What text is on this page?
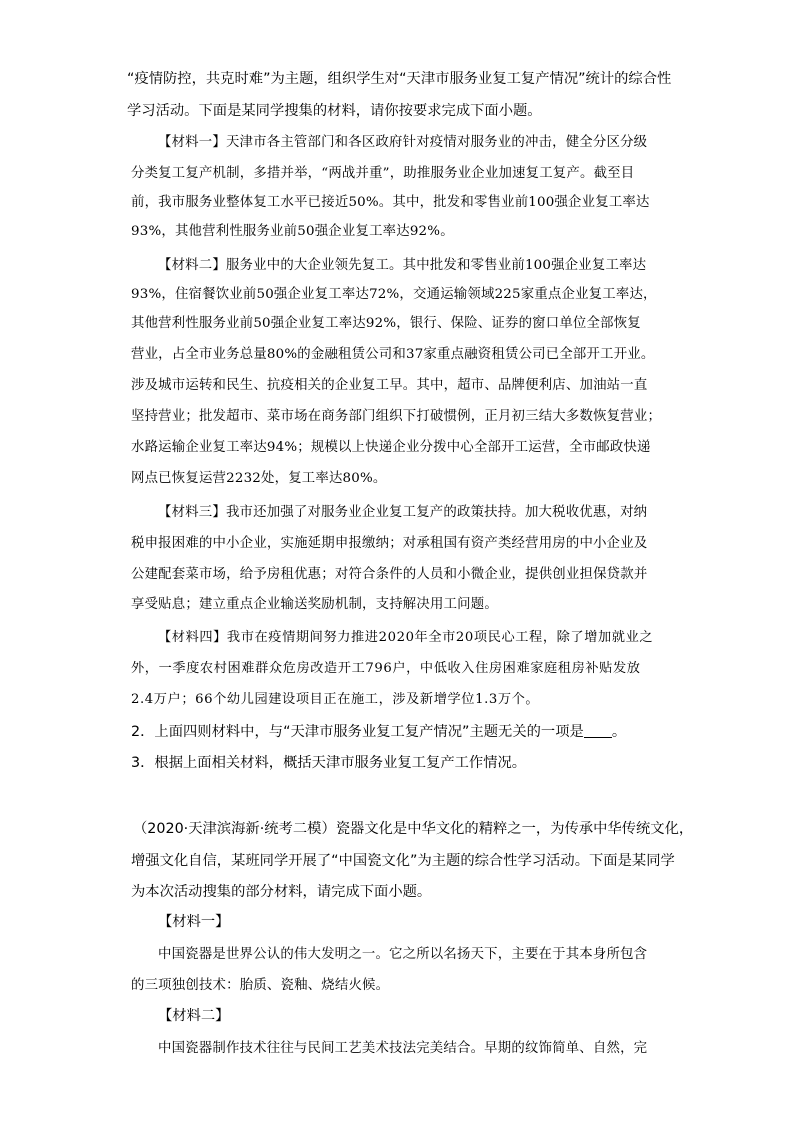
“疫情防控，共克时难”为主题，组织学生对“天津市服务业复工复产情况”统计的综合性
学习活动。下面是某同学搜集的材料，请你按要求完成下面小题。
【材料一】天津市各主管部门和各区政府针对疫情对服务业的冲击，健全分区分级
分类复工复产机制，多措并举，“两战并重”，助推服务业企业加速复工复产。截至目
前，我市服务业整体复工水平已接近50%。其中，批发和零售业前100强企业复工率达
93%，其他营利性服务业前50强企业复工率达92%。
【材料二】服务业中的大企业领先复工。其中批发和零售业前100强企业复工率达
93%，住宿餐饮业前50强企业复工率达72%，交通运输领域225家重点企业复工率达，
其他营利性服务业前50强企业复工率达92%，银行、保险、证券的窗口单位全部恢复
营业，占全市业务总量80%的金融租赁公司和37家重点融资租赁公司已全部开工开业。
涉及城市运转和民生、抗疫相关的企业复工早。其中，超市、品牌便利店、加油站一直
坚持营业；批发超市、菜市场在商务部门组织下打破惯例，正月初三结大多数恢复营业；
水路运输企业复工率达94%；规模以上快递企业分拨中心全部开工运营，全市邮政快递
网点已恢复运营2232处，复工率达80%。
【材料三】我市还加强了对服务业企业复工复产的政策扶持。加大税收优惠，对纳
税申报困难的中小企业，实施延期申报缴纳；对承租国有资产类经营用房的中小企业及
公建配套菜市场，给予房租优惠；对符合条件的人员和小微企业，提供创业担保贷款并
享受贴息；建立重点企业输送奖励机制，支持解决用工问题。
【材料四】我市在疫情期间努力推进2020年全市20项民心工程，除了增加就业之
外，一季度农村困难群众危房改造开工796户，中低收入住房困难家庭租房补贴发放
2.4万户；66个幼儿园建设项目正在施工，涉及新增学位1.3万个。
2．上面四则材料中，与“天津市服务业复工复产情况”主题无关的一项是 。
3．根据上面相关材料，概括天津市服务业复工复产工作情况。
（2020·天津滨海新·统考二模）瓷器文化是中华文化的精粹之一，为传承中华传统文化，
增强文化自信，某班同学开展了“中国瓷文化”为主题的综合性学习活动。下面是某同学
为本次活动搜集的部分材料，请完成下面小题。
【材料一】
中国瓷器是世界公认的伟大发明之一。它之所以名扬天下，主要在于其本身所包含
的三项独创技术：胎质、瓷釉、烧结火候。
【材料二】
中国瓷器制作技术往往与民间工艺美术技法完美结合。早期的纹饰简单、自然，完
